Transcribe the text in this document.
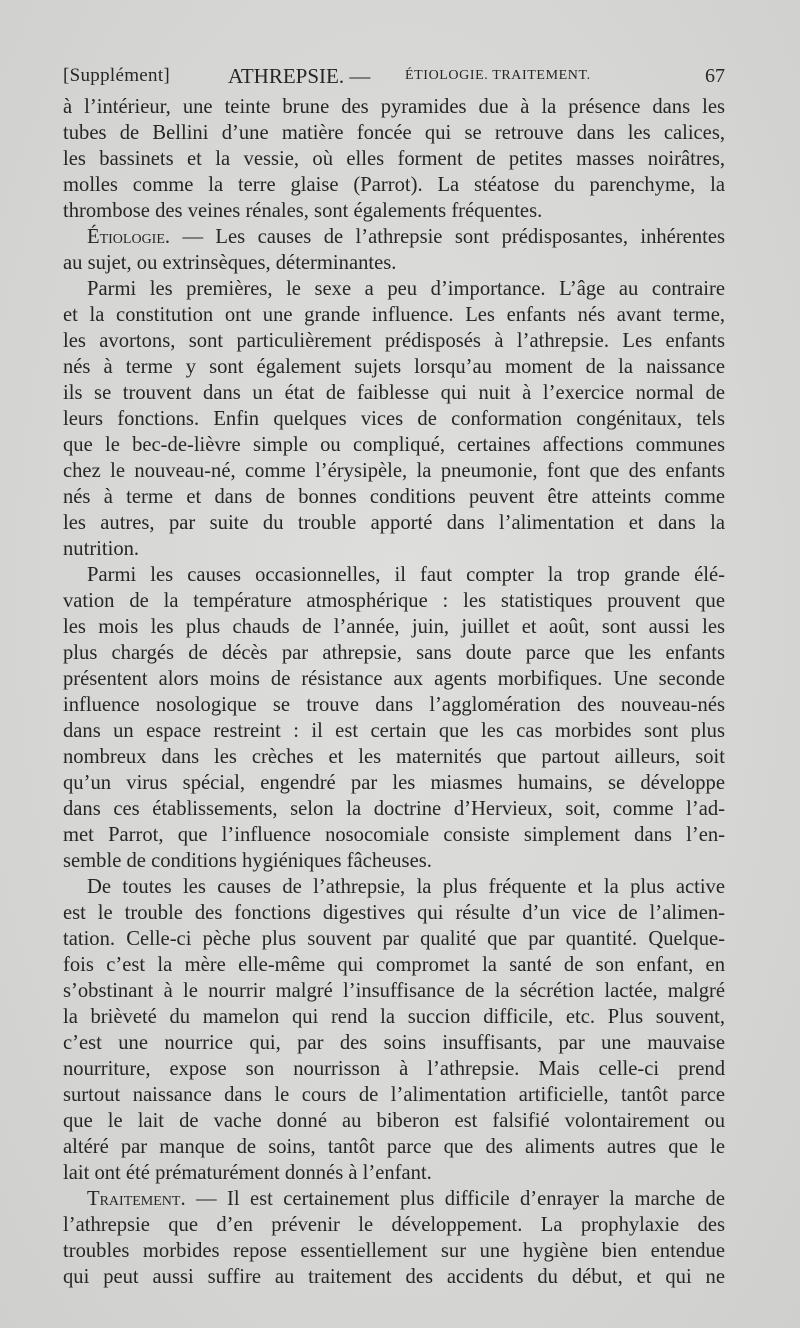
[Supplément]	ATHREPSIE. — ÉTIOLOGIE. TRAITEMENT.	67
à l’intérieur, une teinte brune des pyramides due à la présence dans les
tubes de Bellini d’une matière foncée qui se retrouve dans les calices,
les bassinets et la vessie, où elles forment de petites masses noirâtres,
molles comme la terre glaise (Parrot). La stéatose du parenchyme, la
thrombose des veines rénales, sont égalements fréquentes.
Étiologie. — Les causes de l’athrepsie sont prédisposantes, inhérentes
au sujet, ou extrinsèques, déterminantes.
Parmi les premières, le sexe a peu d’importance. L’âge au contraire
et la constitution ont une grande influence. Les enfants nés avant terme,
les avortons, sont particulièrement prédisposés à l’athrepsie. Les enfants
nés à terme y sont également sujets lorsqu’au moment de la naissance
ils se trouvent dans un état de faiblesse qui nuit à l’exercice normal de
leurs fonctions. Enfin quelques vices de conformation congénitaux, tels
que le bec-de-lièvre simple ou compliqué, certaines affections communes
chez le nouveau-né, comme l’érysipèle, la pneumonie, font que des enfants
nés à terme et dans de bonnes conditions peuvent être atteints comme
les autres, par suite du trouble apporté dans l’alimentation et dans la
nutrition.
Parmi les causes occasionnelles, il faut compter la trop grande élé-
vation de la température atmosphérique : les statistiques prouvent que
les mois les plus chauds de l’année, juin, juillet et août, sont aussi les
plus chargés de décès par athrepsie, sans doute parce que les enfants
présentent alors moins de résistance aux agents morbifiques. Une seconde
influence nosologique se trouve dans l’agglomération des nouveau-nés
dans un espace restreint : il est certain que les cas morbides sont plus
nombreux dans les crèches et les maternités que partout ailleurs, soit
qu’un virus spécial, engendré par les miasmes humains, se développe
dans ces établissements, selon la doctrine d’Hervieux, soit, comme l’ad-
met Parrot, que l’influence nosocomiale consiste simplement dans l’en-
semble de conditions hygiéniques fâcheuses.
De toutes les causes de l’athrepsie, la plus fréquente et la plus active
est le trouble des fonctions digestives qui résulte d’un vice de l’alimen-
tation. Celle-ci pèche plus souvent par qualité que par quantité. Quelque-
fois c’est la mère elle-même qui compromet la santé de son enfant, en
s’obstinant à le nourrir malgré l’insuffisance de la sécrétion lactée, malgré
la brièveté du mamelon qui rend la succion difficile, etc. Plus souvent,
c’est une nourrice qui, par des soins insuffisants, par une mauvaise
nourriture, expose son nourrisson à l’athrepsie. Mais celle-ci prend
surtout naissance dans le cours de l’alimentation artificielle, tantôt parce
que le lait de vache donné au biberon est falsifié volontairement ou
altéré par manque de soins, tantôt parce que des aliments autres que le
lait ont été prématurément donnés à l’enfant.
Traitement. — Il est certainement plus difficile d’enrayer la marche de
l’athrepsie que d’en prévenir le développement. La prophylaxie des
troubles morbides repose essentiellement sur une hygiène bien entendue
qui peut aussi suffire au traitement des accidents du début, et qui ne
